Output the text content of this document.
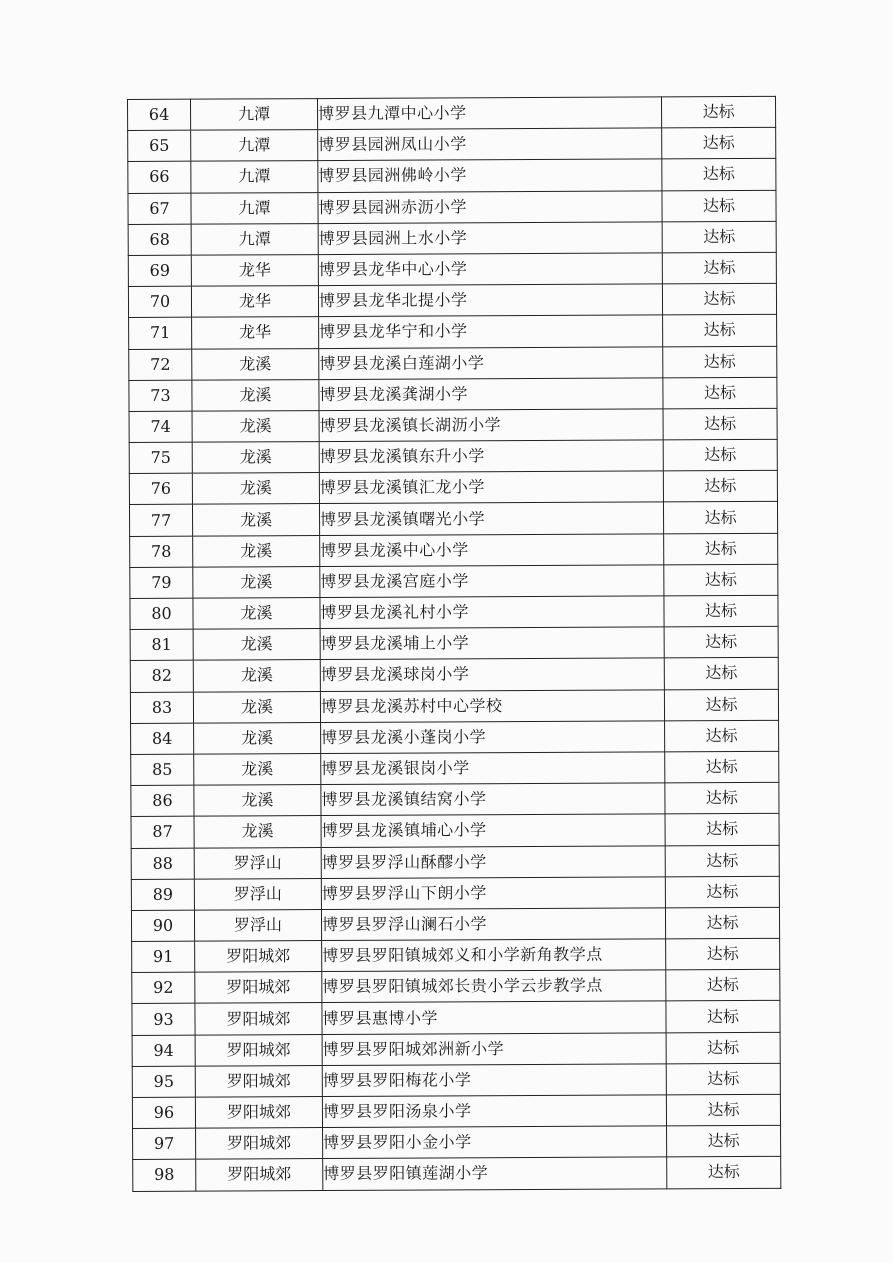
64	九潭	博罗县九潭中心小学	达标
65	九潭	博罗县园洲凤山小学	达标
66	九潭	博罗县园洲佛岭小学	达标
67	九潭	博罗县园洲赤沥小学	达标
68	九潭	博罗县园洲上水小学	达标
69	龙华	博罗县龙华中心小学	达标
70	龙华	博罗县龙华北提小学	达标
71	龙华	博罗县龙华宁和小学	达标
72	龙溪	博罗县龙溪白莲湖小学	达标
73	龙溪	博罗县龙溪龚湖小学	达标
74	龙溪	博罗县龙溪镇长湖沥小学	达标
75	龙溪	博罗县龙溪镇东升小学	达标
76	龙溪	博罗县龙溪镇汇龙小学	达标
77	龙溪	博罗县龙溪镇曙光小学	达标
78	龙溪	博罗县龙溪中心小学	达标
79	龙溪	博罗县龙溪宫庭小学	达标
80	龙溪	博罗县龙溪礼村小学	达标
81	龙溪	博罗县龙溪埔上小学	达标
82	龙溪	博罗县龙溪球岗小学	达标
83	龙溪	博罗县龙溪苏村中心学校	达标
84	龙溪	博罗县龙溪小蓬岗小学	达标
85	龙溪	博罗县龙溪银岗小学	达标
86	龙溪	博罗县龙溪镇结窝小学	达标
87	龙溪	博罗县龙溪镇埔心小学	达标
88	罗浮山	博罗县罗浮山酥醪小学	达标
89	罗浮山	博罗县罗浮山下朗小学	达标
90	罗浮山	博罗县罗浮山澜石小学	达标
91	罗阳城郊	博罗县罗阳镇城郊义和小学新角教学点	达标
92	罗阳城郊	博罗县罗阳镇城郊长贵小学云步教学点	达标
93	罗阳城郊	博罗县惠博小学	达标
94	罗阳城郊	博罗县罗阳城郊洲新小学	达标
95	罗阳城郊	博罗县罗阳梅花小学	达标
96	罗阳城郊	博罗县罗阳汤泉小学	达标
97	罗阳城郊	博罗县罗阳小金小学	达标
98	罗阳城郊	博罗县罗阳镇莲湖小学	达标
